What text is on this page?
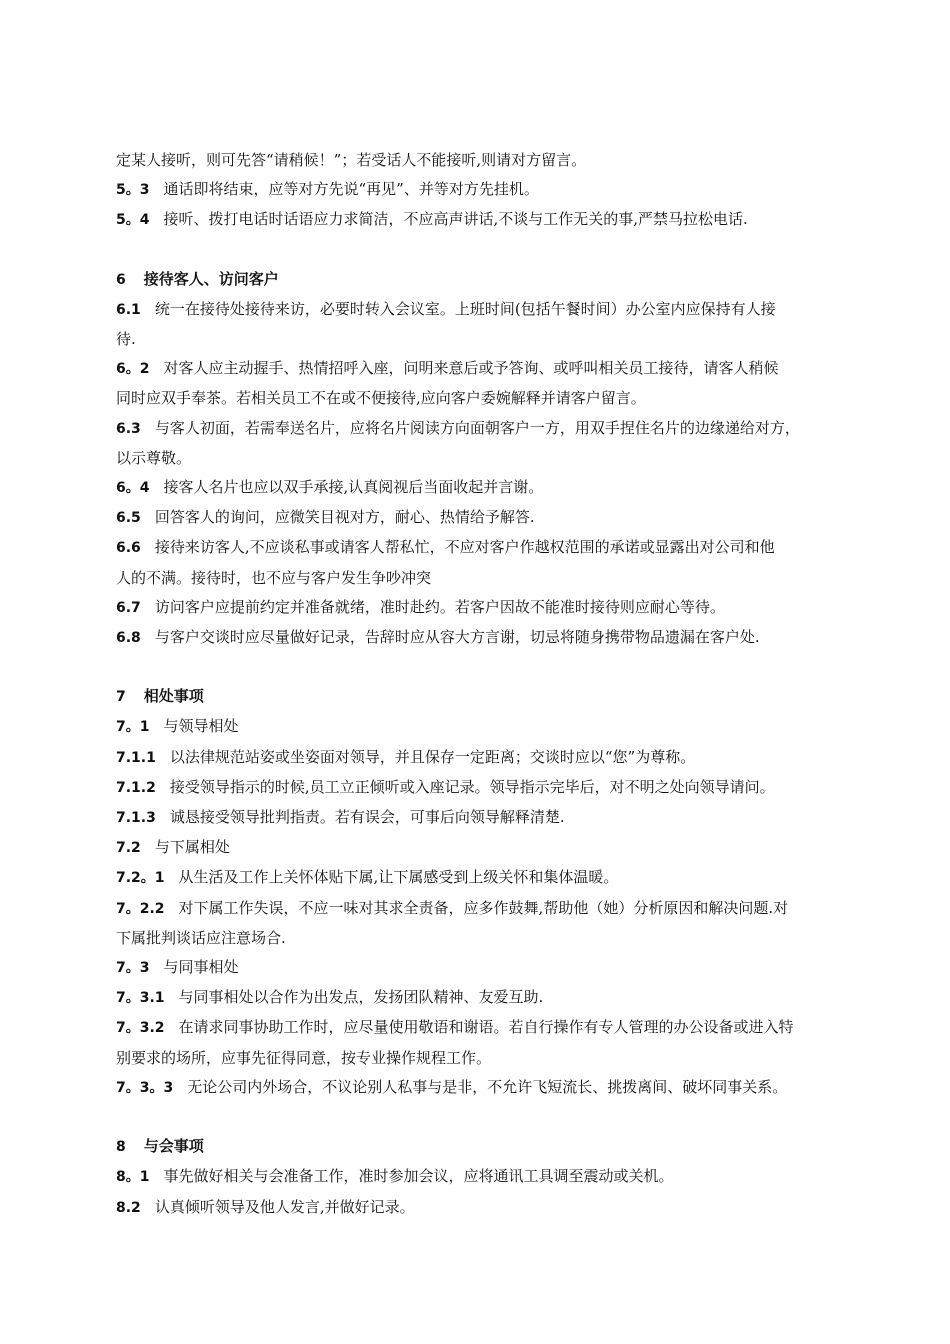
定某人接听，则可先答“请稍候！”；若受话人不能接听,则请对方留言。
5。3 通话即将结束，应等对方先说“再见”、并等对方先挂机。
5。4 接听、拨打电话时话语应力求简洁，不应高声讲话,不谈与工作无关的事,严禁马拉松电话.
6 接待客人、访问客户
6.1 统一在接待处接待来访，必要时转入会议室。上班时间(包括午餐时间）办公室内应保持有人接
待.
6。2 对客人应主动握手、热情招呼入座，问明来意后或予答询、或呼叫相关员工接待，请客人稍候
同时应双手奉茶。若相关员工不在或不便接待,应向客户委婉解释并请客户留言。
6.3 与客人初面，若需奉送名片，应将名片阅读方向面朝客户一方，用双手捏住名片的边缘递给对方，
以示尊敬。
6。4 接客人名片也应以双手承接,认真阅视后当面收起并言谢。
6.5 回答客人的询问，应微笑目视对方，耐心、热情给予解答.
6.6 接待来访客人,不应谈私事或请客人帮私忙，不应对客户作越权范围的承诺或显露出对公司和他
人的不满。接待时，也不应与客户发生争吵冲突
6.7 访问客户应提前约定并准备就绪，准时赴约。若客户因故不能准时接待则应耐心等待。
6.8 与客户交谈时应尽量做好记录，告辞时应从容大方言谢，切忌将随身携带物品遗漏在客户处.
7 相处事项
7。1 与领导相处
7.1.1 以法律规范站姿或坐姿面对领导，并且保存一定距离；交谈时应以“您”为尊称。
7.1.2 接受领导指示的时候,员工立正倾听或入座记录。领导指示完毕后，对不明之处向领导请问。
7.1.3 诚恳接受领导批判指责。若有误会，可事后向领导解释清楚.
7.2 与下属相处
7.2。1 从生活及工作上关怀体贴下属,让下属感受到上级关怀和集体温暖。
7。2.2 对下属工作失误，不应一味对其求全责备，应多作鼓舞,帮助他（她）分析原因和解决问题.对
下属批判谈话应注意场合.
7。3 与同事相处
7。3.1 与同事相处以合作为出发点，发扬团队精神、友爱互助.
7。3.2 在请求同事协助工作时，应尽量使用敬语和谢语。若自行操作有专人管理的办公设备或进入特
别要求的场所，应事先征得同意，按专业操作规程工作。
7。3。3 无论公司内外场合，不议论别人私事与是非，不允许飞短流长、挑拨离间、破坏同事关系。
8 与会事项
8。1 事先做好相关与会准备工作，准时参加会议，应将通讯工具调至震动或关机。
8.2 认真倾听领导及他人发言,并做好记录。
